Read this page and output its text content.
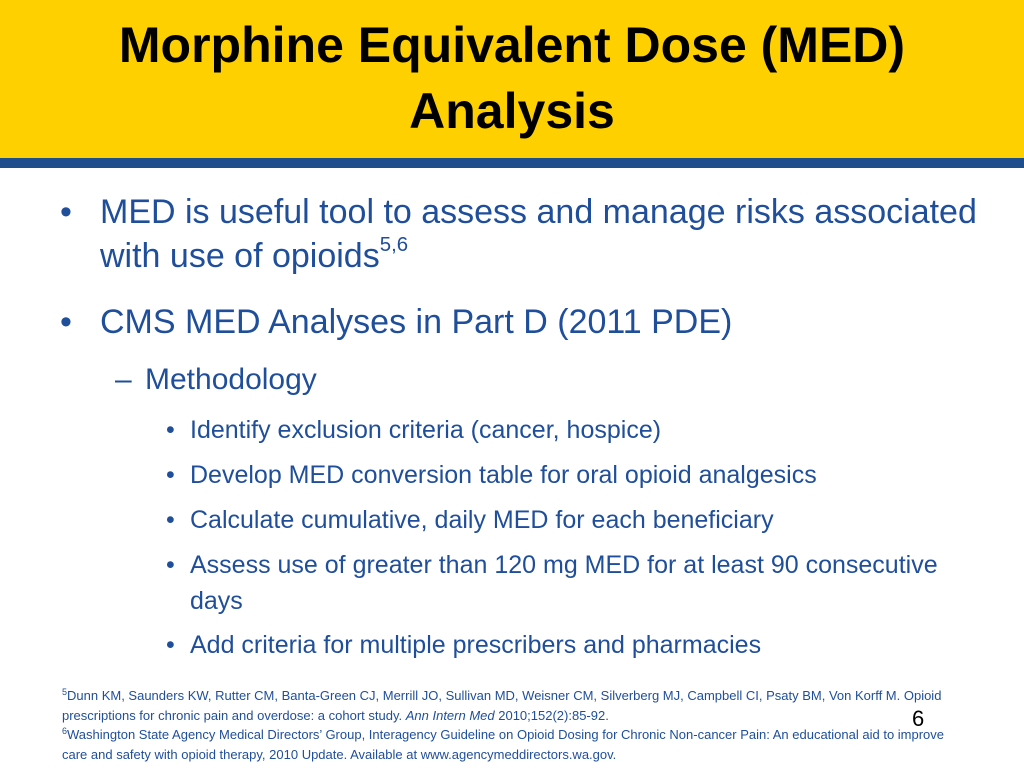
Morphine Equivalent Dose (MED) Analysis
• MED is useful tool to assess and manage risks associated with use of opioids$^{5,6}$
• CMS MED Analyses in Part D (2011 PDE)
– Methodology
• Identify exclusion criteria (cancer, hospice)
• Develop MED conversion table for oral opioid analgesics
• Calculate cumulative, daily MED for each beneficiary
• Assess use of greater than 120 mg MED for at least 90 consecutive days
• Add criteria for multiple prescribers and pharmacies
$^5$Dunn KM, Saunders KW, Rutter CM, Banta-Green CJ, Merrill JO, Sullivan MD, Weisner CM, Silverberg MJ, Campbell CI, Psaty BM, Von Korff M. Opioid prescriptions for chronic pain and overdose: a cohort study. Ann Intern Med 2010;152(2):85-92.
$^6$Washington State Agency Medical Directors’ Group, Interagency Guideline on Opioid Dosing for Chronic Non-cancer Pain: An educational aid to improve care and safety with opioid therapy, 2010 Update. Available at www.agencymeddirectors.wa.gov.
6
